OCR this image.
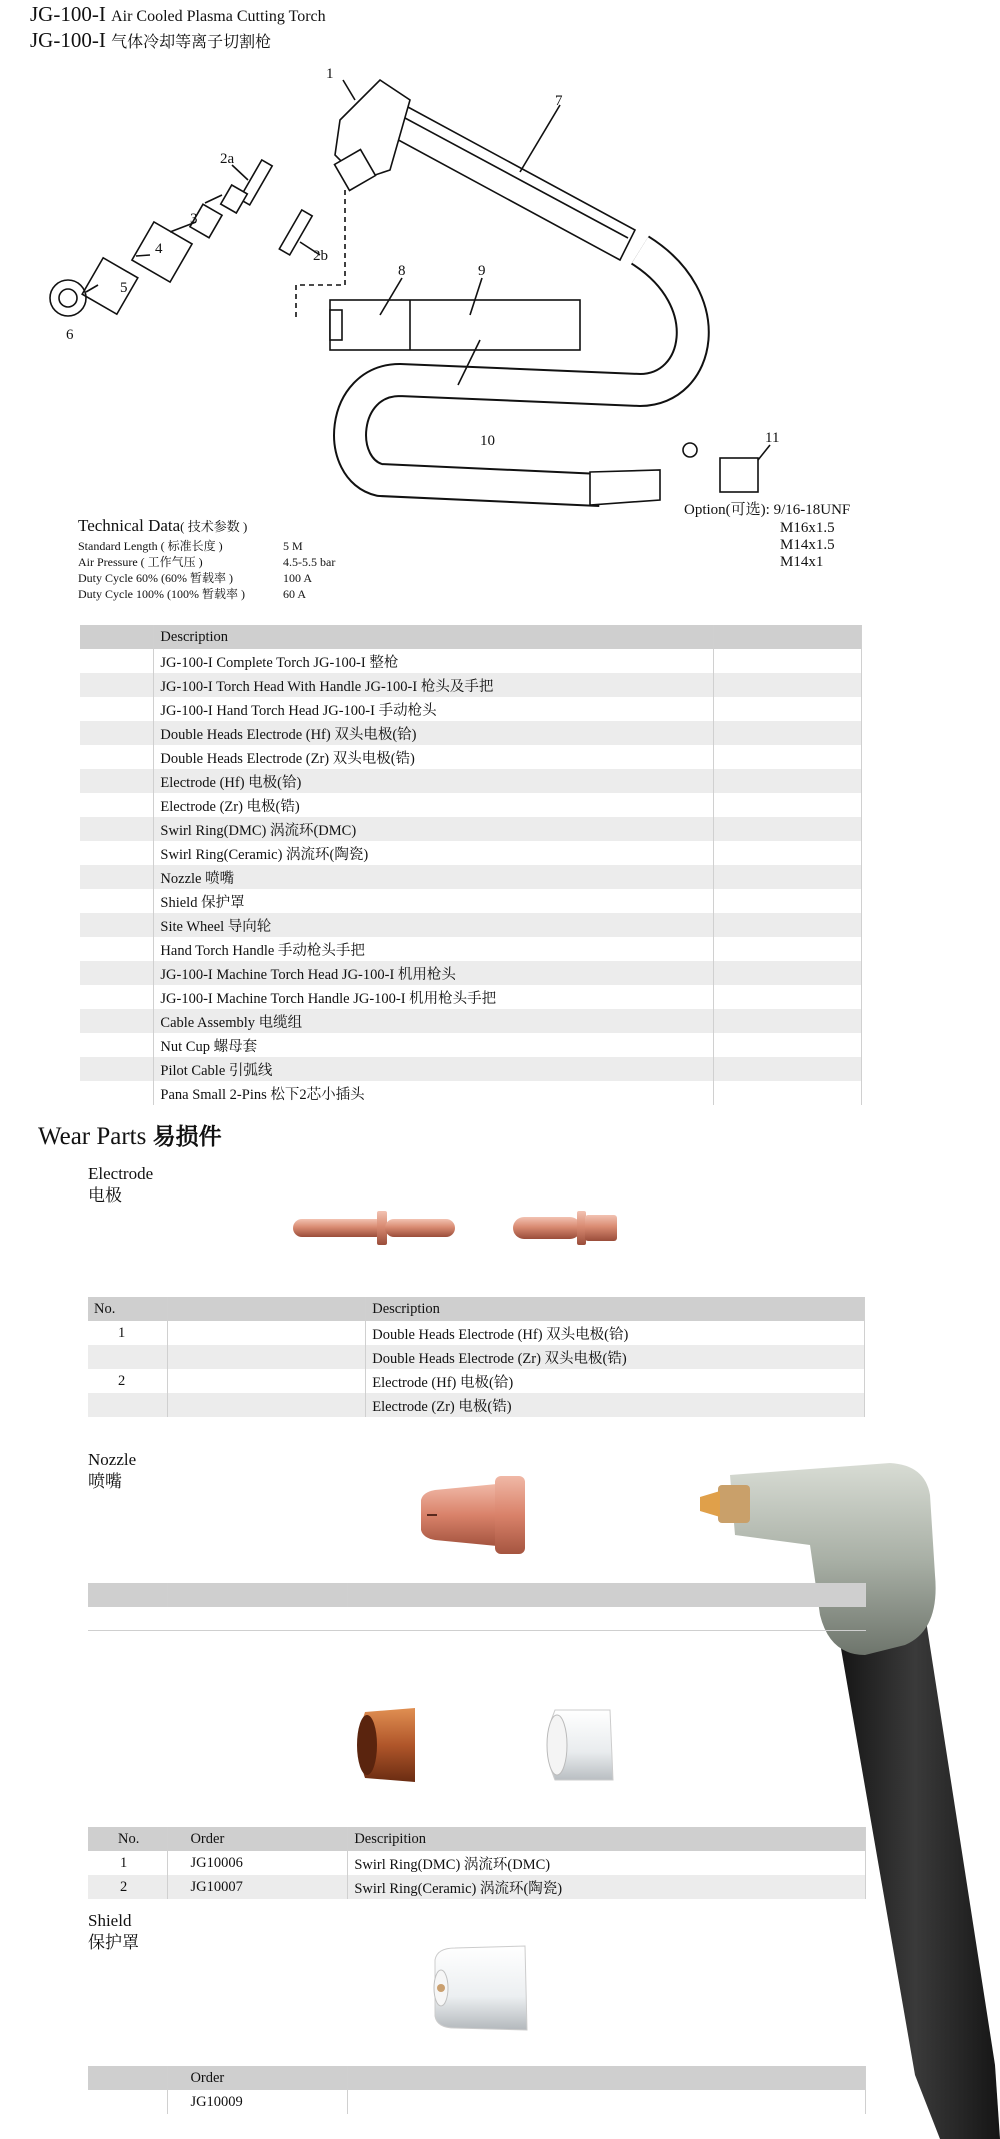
JG-100-I Air Cooled Plasma Cutting Torch
JG-100-I 气体冷却等离子切割枪
1
2a
3
4
5
6
2b
7
8	9
10	11
Option(可选): 9/16-18UNF
M16x1.5
M14x1.5
M14x1
Technical Data( 技术参数 )
Standard Length ( 标准长度 )	5 M
Air Pressure ( 工作气压 )	4.5-5.5 bar
Duty Cycle 60% (60% 暂载率 )	100 A
Duty Cycle 100% (100% 暂载率 )	60 A
	Description	
	JG-100-I Complete Torch JG-100-I 整枪	
	JG-100-I Torch Head With Handle JG-100-I 枪头及手把	
	JG-100-I Hand Torch Head JG-100-I 手动枪头	
	Double Heads Electrode (Hf) 双头电极(铪)	
	Double Heads Electrode (Zr) 双头电极(锆)	
	Electrode (Hf) 电极(铪)	
	Electrode (Zr) 电极(锆)	
	Swirl Ring(DMC) 涡流环(DMC)	
	Swirl Ring(Ceramic) 涡流环(陶瓷)	
	Nozzle 喷嘴	
	Shield 保护罩	
	Site Wheel 导向轮	
	Hand Torch Handle 手动枪头手把	
	JG-100-I Machine Torch Head JG-100-I 机用枪头	
	JG-100-I Machine Torch Handle JG-100-I 机用枪头手把	
	Cable Assembly 电缆组	
	Nut Cup 螺母套	
	Pilot Cable 引弧线	
	Pana Small 2-Pins 松下2芯小插头	
Wear Parts 易损件
Electrode
电极
No.		Description
1		Double Heads Electrode (Hf) 双头电极(铪)
		Double Heads Electrode (Zr) 双头电极(锆)
2		Electrode (Hf) 电极(铪)
		Electrode (Zr) 电极(锆)
Nozzle
喷嘴

No.	Order	Descripition
1	JG10006	Swirl Ring(DMC) 涡流环(DMC)
2	JG10007	Swirl Ring(Ceramic) 涡流环(陶瓷)
Shield
保护罩
	Order	
	JG10009	
